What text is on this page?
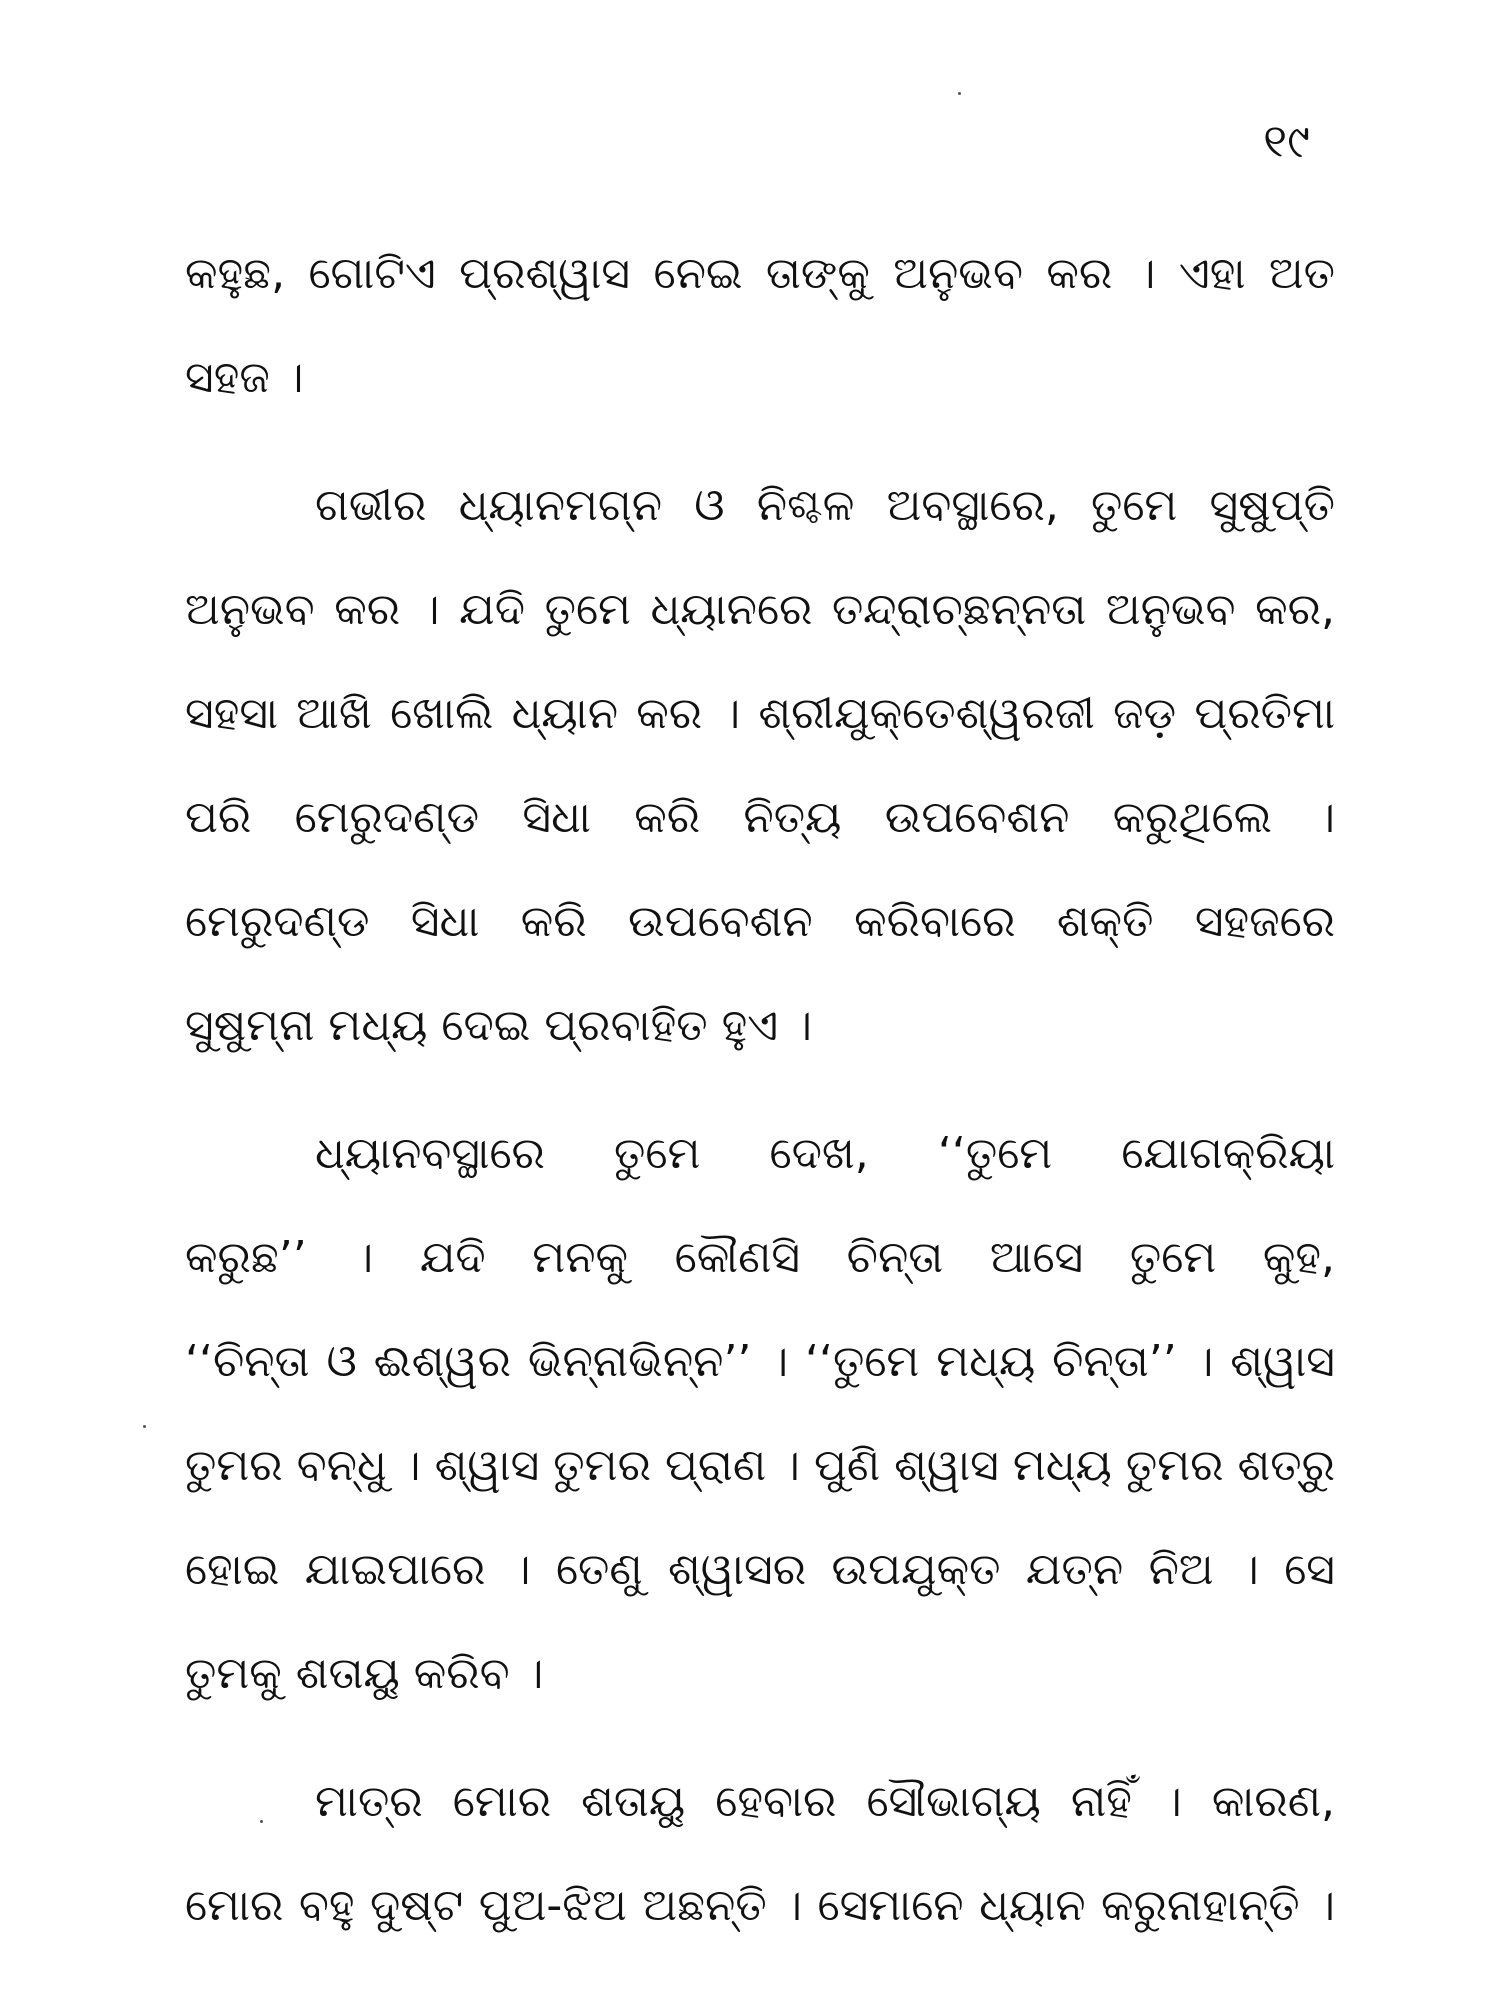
୧୯
କହୁଛ, ଗୋଟିଏ ପ୍ରଶ୍ୱାସ ନେଇ ତାଙ୍କୁ ଅନୁଭବ କର । ଏହା ଅତ
ସହଜ ।
ଗଭୀର ଧ୍ୟାନମଗ୍ନ ଓ ନିଶ୍ଚଳ ଅବସ୍ଥାରେ, ତୁମେ ସୁଷୁପ୍ତି
ଅନୁଭବ କର । ଯଦି ତୁମେ ଧ୍ୟାନରେ ତନ୍ଦ୍ରାଚ୍ଛନ୍ନତା ଅନୁଭବ କର,
ସହସା ଆଖି ଖୋଲି ଧ୍ୟାନ କର । ଶ୍ରୀଯୁକ୍ତେଶ୍ୱରଜୀ ଜଡ଼ ପ୍ରତିମା
ପରି ମେରୁଦଣ୍ଡ ସିଧା କରି ନିତ୍ୟ ଉପବେଶନ କରୁଥିଲେ ।
ମେରୁଦଣ୍ଡ ସିଧା କରି ଉପବେଶନ କରିବାରେ ଶକ୍ତି ସହଜରେ
ସୁଷୁମ୍ନା ମଧ୍ୟ ଦେଇ ପ୍ରବାହିତ ହୁଏ ।
ଧ୍ୟାନବସ୍ଥାରେ ତୁମେ ଦେଖ, ‘‘ତୁମେ ଯୋଗକ୍ରିୟା
କରୁଛ’’ । ଯଦି ମନକୁ କୌଣସି ଚିନ୍ତା ଆସେ ତୁମେ କୁହ,
‘‘ଚିନ୍ତା ଓ ଈଶ୍ୱର ଭିନ୍ନାଭିନ୍ନ’’ । ‘‘ତୁମେ ମଧ୍ୟ ଚିନ୍ତା’’ । ଶ୍ୱାସ
ତୁମର ବନ୍ଧୁ । ଶ୍ୱାସ ତୁମର ପ୍ରାଣ । ପୁଣି ଶ୍ୱାସ ମଧ୍ୟ ତୁମର ଶତ୍ରୁ
ହୋଇ ଯାଇପାରେ । ତେଣୁ ଶ୍ୱାସର ଉପଯୁକ୍ତ ଯତ୍ନ ନିଅ । ସେ
ତୁମକୁ ଶତାୟୁ କରିବ ।
ମାତ୍ର ମୋର ଶତାୟୁ ହେବାର ସୌଭାଗ୍ୟ ନାହିଁ । କାରଣ,
ମୋର ବହୁ ଦୁଷ୍ଟ ପୁଅ-ଝିଅ ଅଛନ୍ତି । ସେମାନେ ଧ୍ୟାନ କରୁନାହାନ୍ତି ।
